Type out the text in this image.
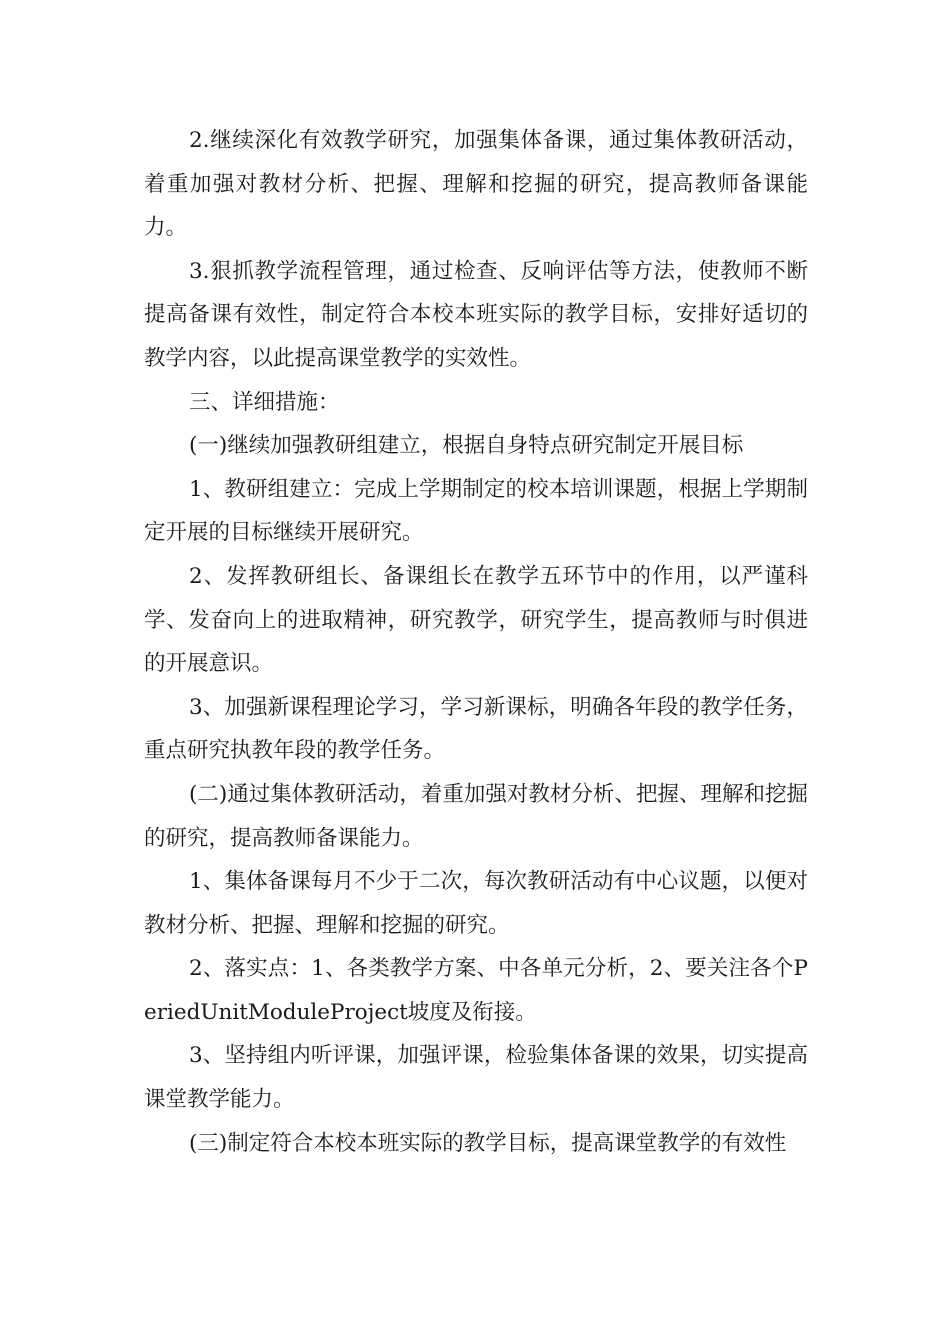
2.继续深化有效教学研究，加强集体备课，通过集体教研活动，着重加强对教材分析、把握、理解和挖掘的研究，提高教师备课能力。

3.狠抓教学流程管理，通过检查、反响评估等方法，使教师不断提高备课有效性，制定符合本校本班实际的教学目标，安排好适切的教学内容，以此提高课堂教学的实效性。

三、详细措施：

(一)继续加强教研组建立，根据自身特点研究制定开展目标

1、教研组建立：完成上学期制定的校本培训课题，根据上学期制定开展的目标继续开展研究。

2、发挥教研组长、备课组长在教学五环节中的作用，以严谨科学、发奋向上的进取精神，研究教学，研究学生，提高教师与时俱进的开展意识。

3、加强新课程理论学习，学习新课标，明确各年段的教学任务，重点研究执教年段的教学任务。

(二)通过集体教研活动，着重加强对教材分析、把握、理解和挖掘的研究，提高教师备课能力。

1、集体备课每月不少于二次，每次教研活动有中心议题，以便对教材分析、把握、理解和挖掘的研究。

2、落实点：1、各类教学方案、中各单元分析，2、要关注各个PeriedUnitModuleProject坡度及衔接。

3、坚持组内听评课，加强评课，检验集体备课的效果，切实提高课堂教学能力。

(三)制定符合本校本班实际的教学目标，提高课堂教学的有效性
